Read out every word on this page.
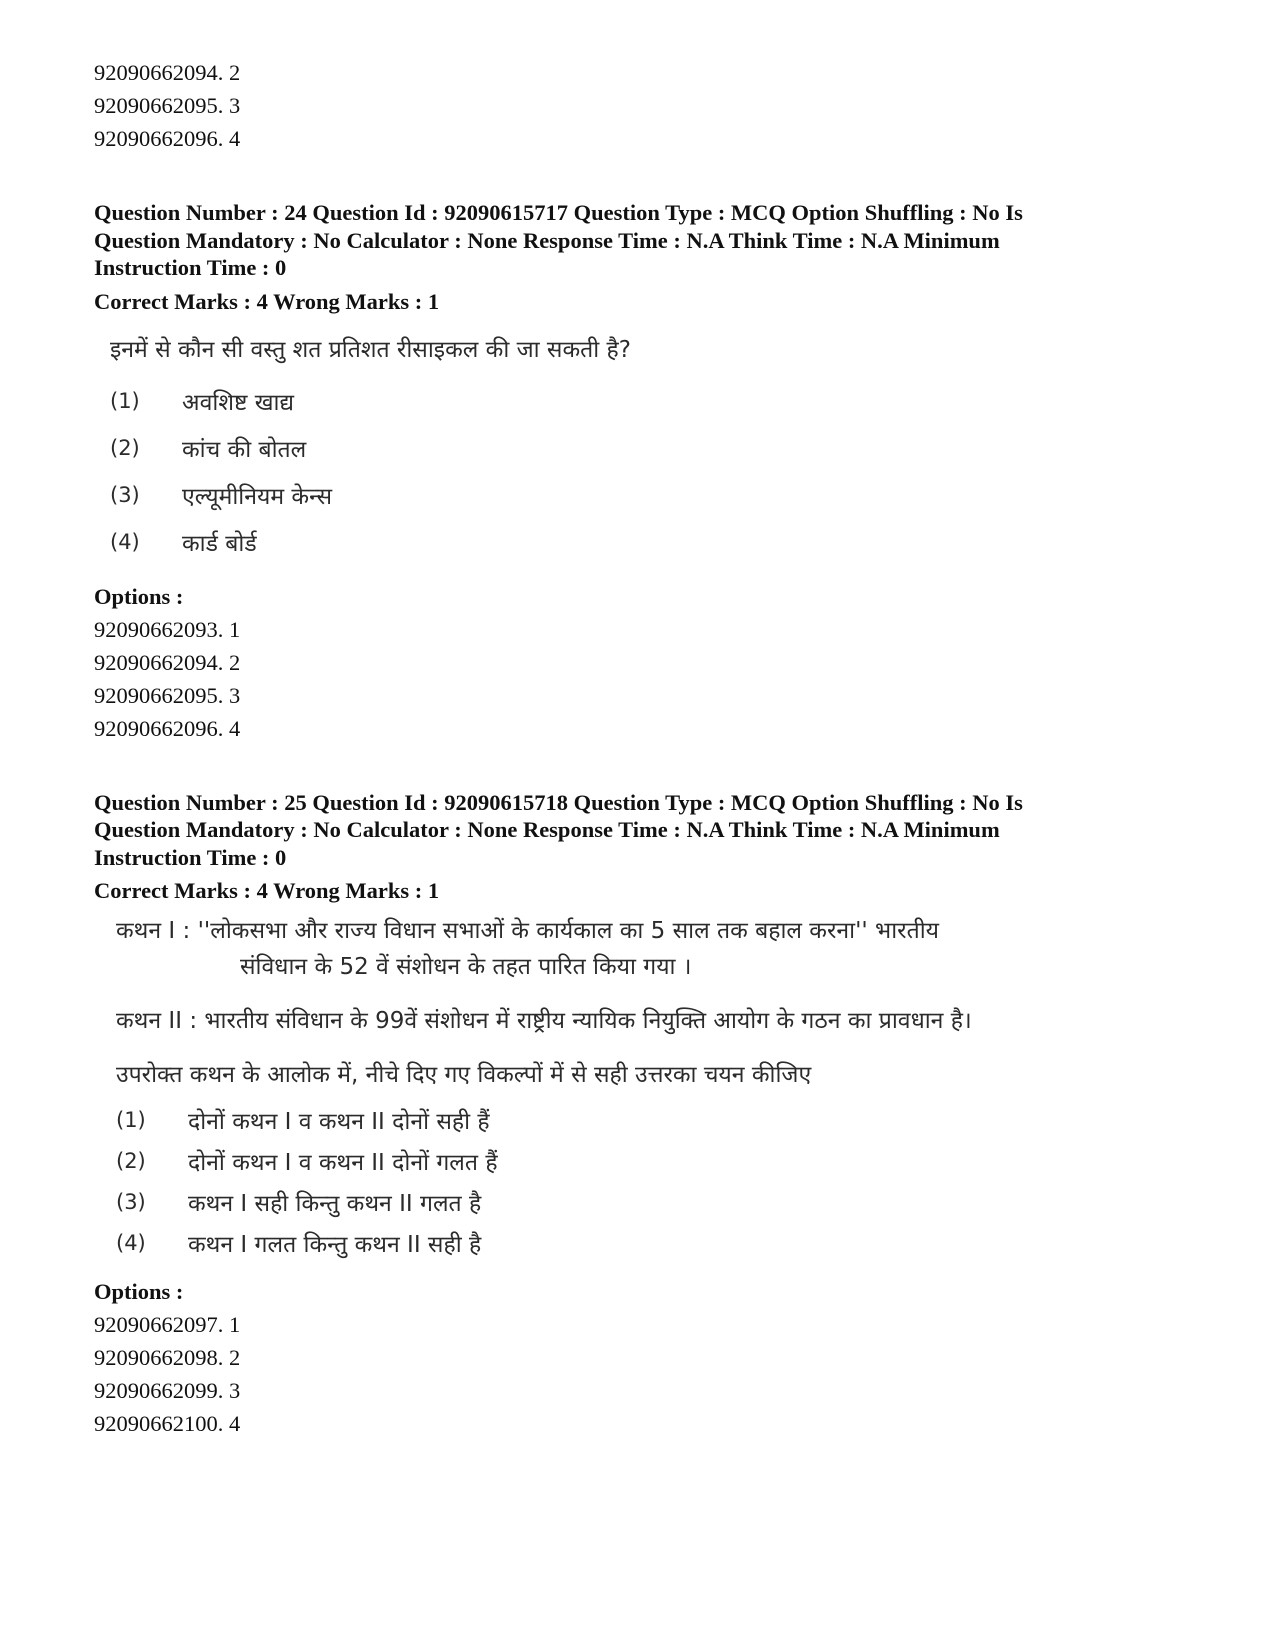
92090662094. 2
92090662095. 3
92090662096. 4
Question Number : 24 Question Id : 92090615717 Question Type : MCQ Option Shuffling : No Is
Question Mandatory : No Calculator : None Response Time : N.A Think Time : N.A Minimum
Instruction Time : 0
Correct Marks : 4 Wrong Marks : 1
इनमें से कौन सी वस्तु शत प्रतिशत रीसाइकल की जा सकती है?
(1)	अवशिष्ट खाद्य
(2)	कांच की बोतल
(3)	एल्यूमीनियम केन्स
(4)	कार्ड बोर्ड
Options :
92090662093. 1
92090662094. 2
92090662095. 3
92090662096. 4
Question Number : 25 Question Id : 92090615718 Question Type : MCQ Option Shuffling : No Is
Question Mandatory : No Calculator : None Response Time : N.A Think Time : N.A Minimum
Instruction Time : 0
Correct Marks : 4 Wrong Marks : 1
कथन I : ''लोकसभा और राज्य विधान सभाओं के कार्यकाल का 5 साल तक बहाल करना'' भारतीय
संविधान के 52 वें संशोधन के तहत पारित किया गया ।
कथन II : भारतीय संविधान के 99वें संशोधन में राष्ट्रीय न्यायिक नियुक्ति आयोग के गठन का प्रावधान है।
उपरोक्त कथन के आलोक में, नीचे दिए गए विकल्पों में से सही उत्तरका चयन कीजिए
(1)	दोनों कथन I व कथन II दोनों सही हैं
(2)	दोनों कथन I व कथन II दोनों गलत हैं
(3)	कथन I सही किन्तु कथन II गलत है
(4)	कथन I गलत किन्तु कथन II सही है
Options :
92090662097. 1
92090662098. 2
92090662099. 3
92090662100. 4
